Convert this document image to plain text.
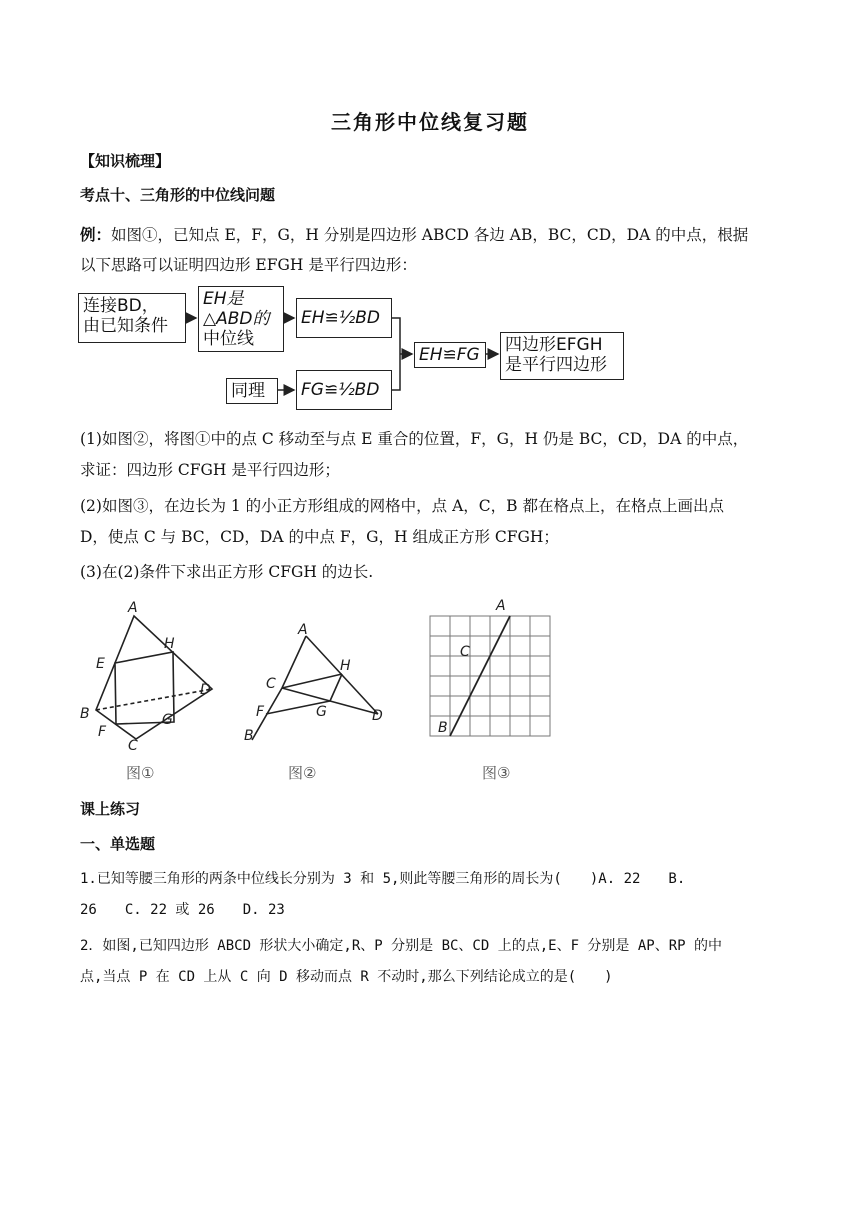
三角形中位线复习题
【知识梳理】
考点十、三角形的中位线问题
例：如图①，已知点 E，F，G，H 分别是四边形 ABCD 各边 AB，BC，CD，DA 的中点，根据
以下思路可以证明四边形 EFGH 是平行四边形：
连接BD，
由已知条件
EH是
△ABD的
中位线
EH≌½BD
同理	FG≌½BD
EH≌FG	四边形EFGH
是平行四边形
(1)如图②，将图①中的点 C 移动至与点 E 重合的位置，F，G，H 仍是 BC，CD，DA 的中点，
求证：四边形 CFGH 是平行四边形；
(2)如图③，在边长为 1 的小正方形组成的网格中，点 A，C，B 都在格点上，在格点上画出点
D，使点 C 与 BC，CD，DA 的中点 F，G，H 组成正方形 CFGH；
(3)在(2)条件下求出正方形 CFGH 的边长.
A
H
E
D
B	G
F
C
图①
A
H
C
F	G	D
B
图②
A
C
B
图③
课上练习
一、单选题
1.已知等腰三角形的两条中位线长分别为 3 和 5,则此等腰三角形的周长为(　　)A. 22　　B.
26　　C. 22 或 26　　D. 23
2．如图,已知四边形 ABCD 形状大小确定,R、P 分别是 BC、CD 上的点,E、F 分别是 AP、RP 的中
点,当点 P 在 CD 上从 C 向 D 移动而点 R 不动时,那么下列结论成立的是(　　)
